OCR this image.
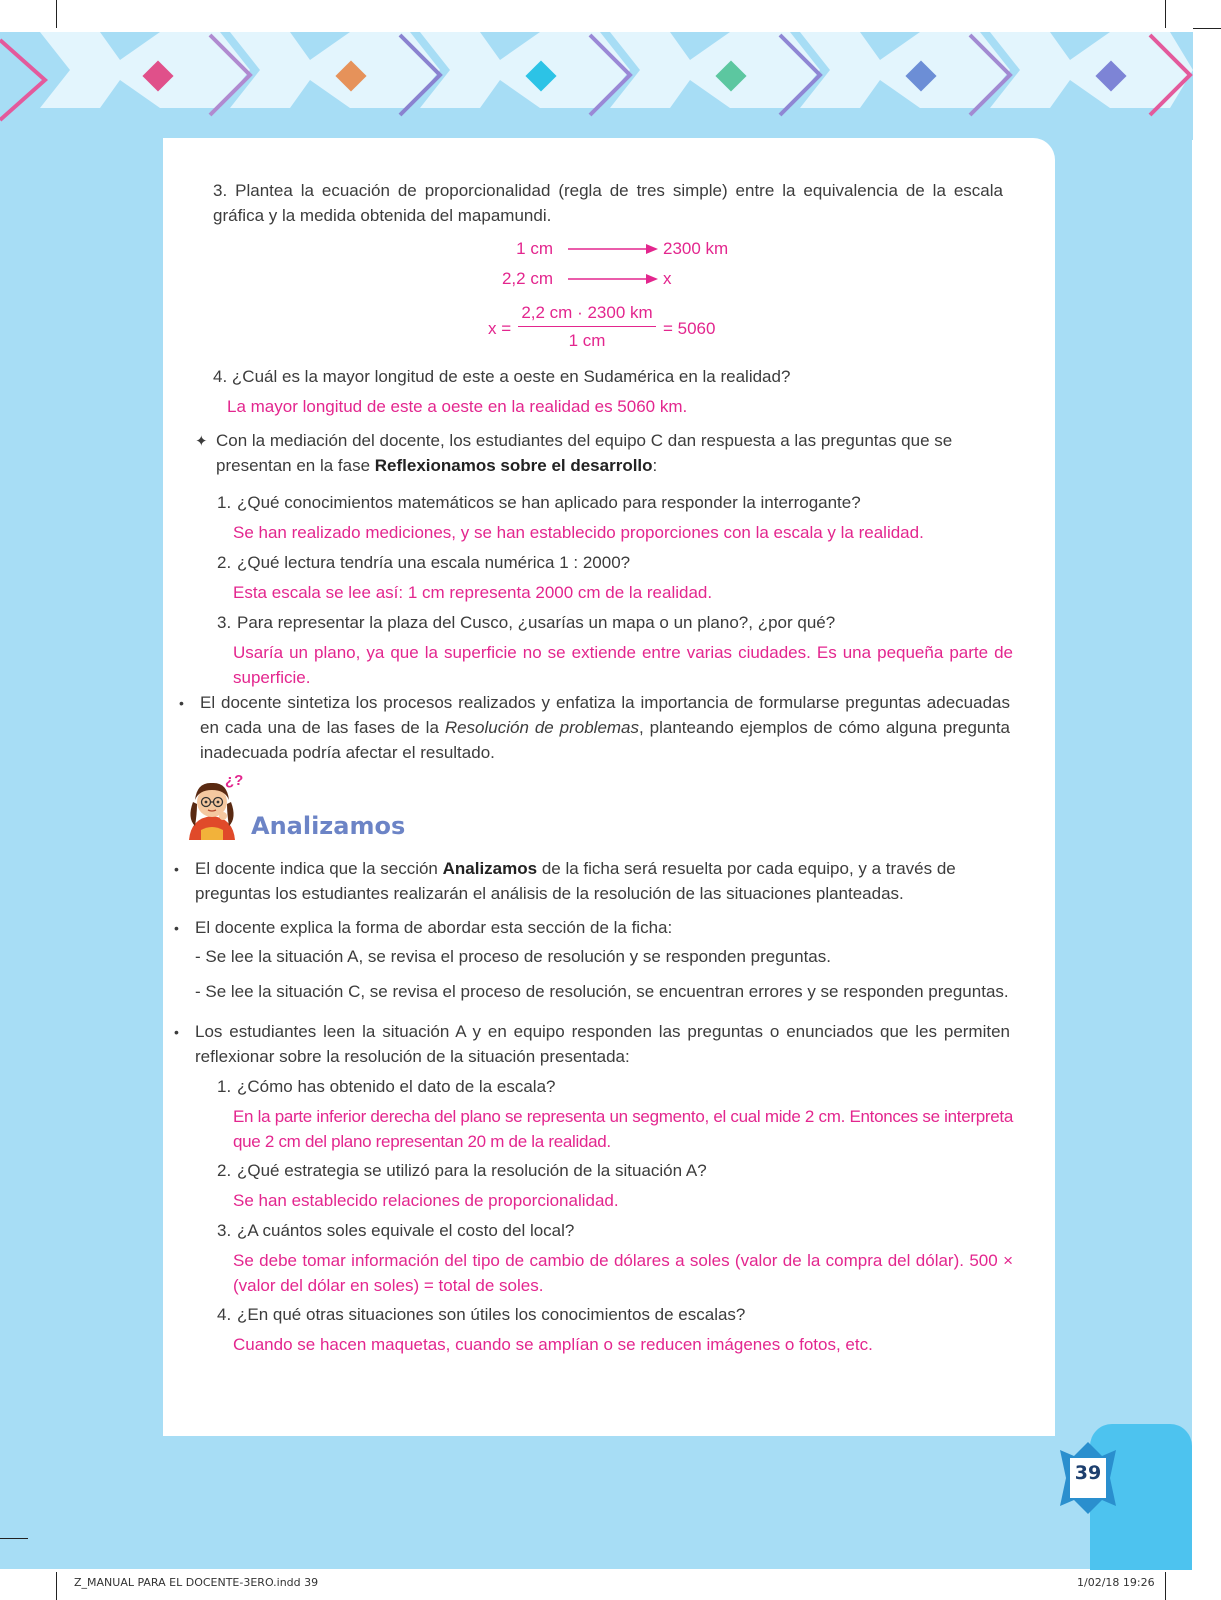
3. Plantea la ecuación de proporcionalidad (regla de tres simple) entre la equivalencia de la escala gráfica y la medida obtenida del mapamundi.
1 cm	2300 km
2,2 cm	x
x =
2,2 cm · 2300 km
1 cm
= 5060
4. ¿Cuál es la mayor longitud de este a oeste en Sudamérica en la realidad?
La mayor longitud de este a oeste en la realidad es 5060 km.
✦ Con la mediación del docente, los estudiantes del equipo C dan respuesta a las preguntas que se presentan en la fase Reflexionamos sobre el desarrollo:
1. ¿Qué conocimientos matemáticos se han aplicado para responder la interrogante?
Se han realizado mediciones, y se han establecido proporciones con la escala y la realidad.
2. ¿Qué lectura tendría una escala numérica 1 : 2000?
Esta escala se lee así: 1 cm representa 2000 cm de la realidad.
3. Para representar la plaza del Cusco, ¿usarías un mapa o un plano?, ¿por qué?
Usaría un plano, ya que la superficie no se extiende entre varias ciudades. Es una pequeña parte de superficie.
• El docente sintetiza los procesos realizados y enfatiza la importancia de formularse preguntas adecuadas en cada una de las fases de la Resolución de problemas, planteando ejemplos de cómo alguna pregunta inadecuada podría afectar el resultado.
¿?
Analizamos
• El docente indica que la sección Analizamos de la ficha será resuelta por cada equipo, y a través de preguntas los estudiantes realizarán el análisis de la resolución de las situaciones planteadas.
• El docente explica la forma de abordar esta sección de la ficha:
- Se lee la situación A, se revisa el proceso de resolución y se responden preguntas.
- Se lee la situación C, se revisa el proceso de resolución, se encuentran errores y se responden preguntas.
• Los estudiantes leen la situación A y en equipo responden las preguntas o enunciados que les permiten reflexionar sobre la resolución de la situación presentada:
1. ¿Cómo has obtenido el dato de la escala?
En la parte inferior derecha del plano se representa un segmento, el cual mide 2 cm. Entonces se interpreta que 2 cm del plano representan 20 m de la realidad.
2. ¿Qué estrategia se utilizó para la resolución de la situación A?
Se han establecido relaciones de proporcionalidad.
3. ¿A cuántos soles equivale el costo del local?
Se debe tomar información del tipo de cambio de dólares a soles (valor de la compra del dólar). 500 × (valor del dólar en soles) = total de soles.
4. ¿En qué otras situaciones son útiles los conocimientos de escalas?
Cuando se hacen maquetas, cuando se amplían o se reducen imágenes o fotos, etc.
39
Z_MANUAL PARA EL DOCENTE-3ERO.indd 39	1/02/18 19:26
